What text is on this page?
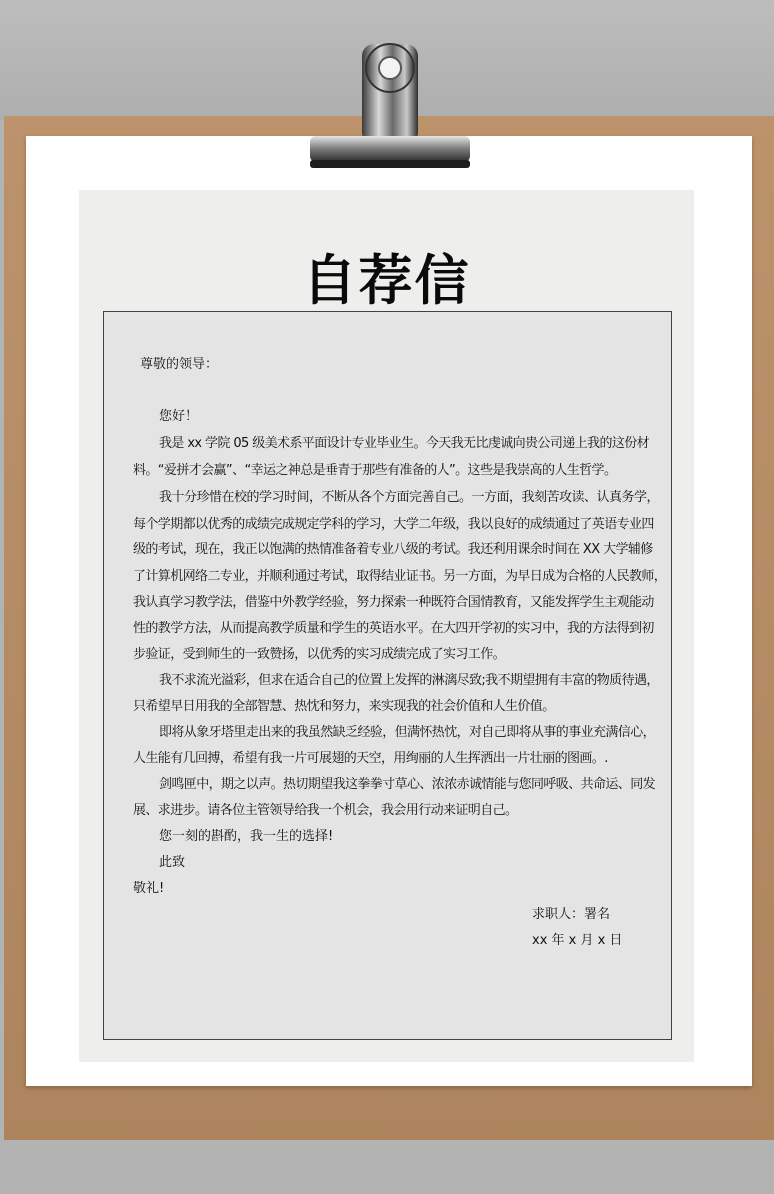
自荐信
尊敬的领导：
您好！
我是 xx 学院 05 级美术系平面设计专业毕业生。今天我无比虔诚向贵公司递上我的这份材
料。“爱拼才会赢”、“幸运之神总是垂青于那些有准备的人”。这些是我崇高的人生哲学。
我十分珍惜在校的学习时间，不断从各个方面完善自己。一方面，我刻苦攻读、认真务学，
每个学期都以优秀的成绩完成规定学科的学习，大学二年级，我以良好的成绩通过了英语专业四
级的考试，现在，我正以饱满的热情准备着专业八级的考试。我还利用课余时间在 XX 大学辅修
了计算机网络二专业，并顺利通过考试，取得结业证书。另一方面，为早日成为合格的人民教师，
我认真学习教学法，借鉴中外教学经验，努力探索一种既符合国情教育，又能发挥学生主观能动
性的教学方法，从而提高教学质量和学生的英语水平。在大四开学初的实习中，我的方法得到初
步验证，受到师生的一致赞扬，以优秀的实习成绩完成了实习工作。
我不求流光溢彩，但求在适合自己的位置上发挥的淋漓尽致;我不期望拥有丰富的物质待遇，
只希望早日用我的全部智慧、热忱和努力，来实现我的社会价值和人生价值。
即将从象牙塔里走出来的我虽然缺乏经验，但满怀热忱，对自己即将从事的事业充满信心，
人生能有几回搏，希望有我一片可展翅的天空，用绚丽的人生挥洒出一片壮丽的图画。.
剑鸣匣中，期之以声。热切期望我这拳拳寸草心、浓浓赤诚情能与您同呼吸、共命运、同发
展、求进步。请各位主管领导给我一个机会，我会用行动来证明自己。
您一刻的斟酌，我一生的选择!
此致
敬礼!
求职人：署名
xx 年 x 月 x 日
